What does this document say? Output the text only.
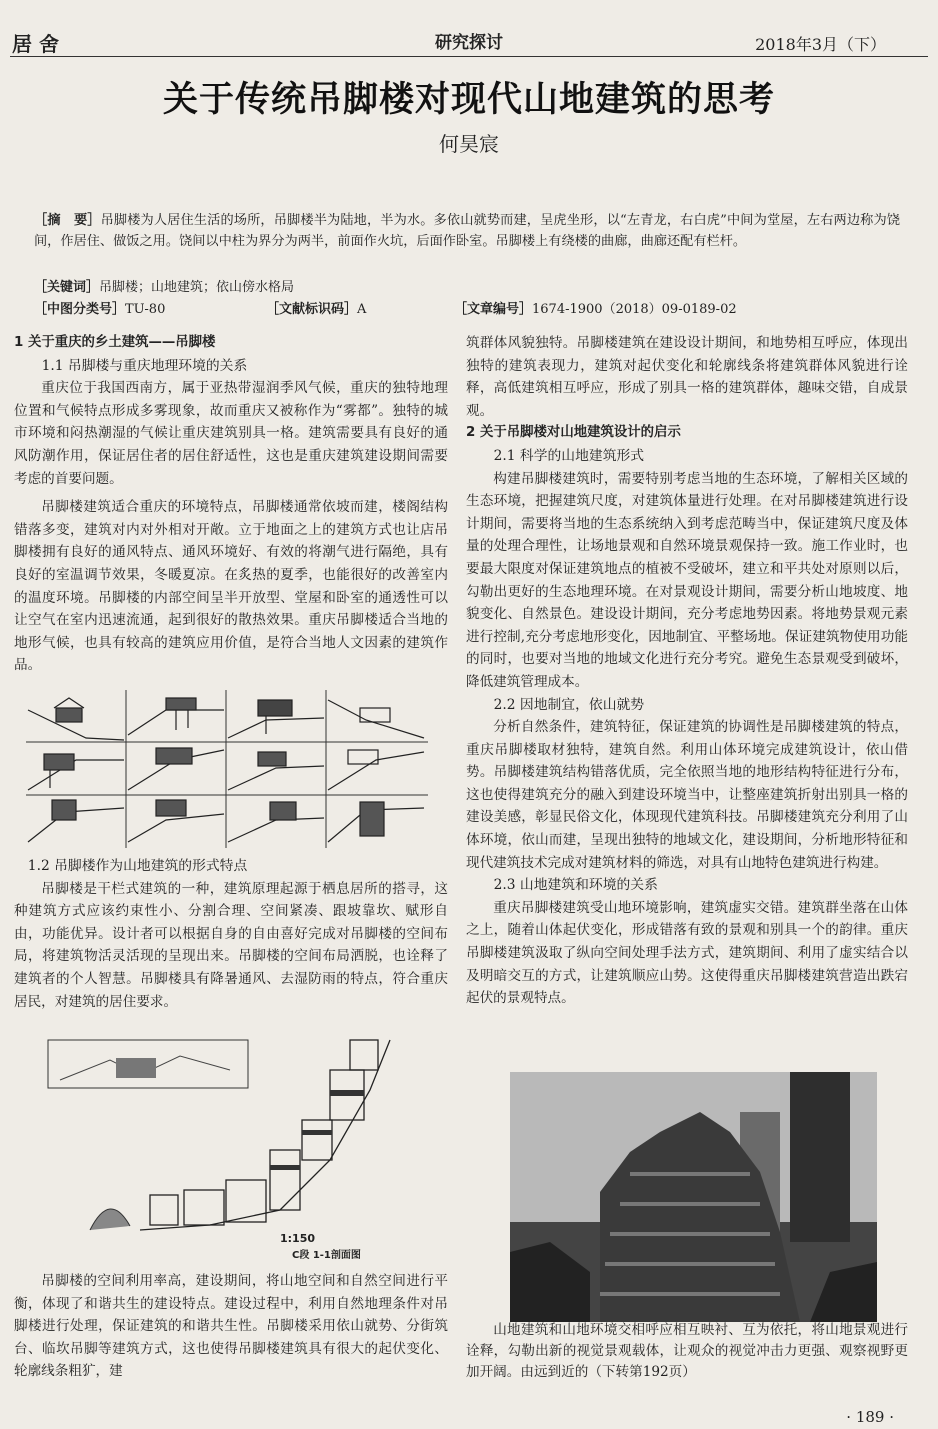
居 舍	研究探讨	2018年3月（下）
关于传统吊脚楼对现代山地建筑的思考
何昊宸
［摘　要］吊脚楼为人居住生活的场所，吊脚楼半为陆地，半为水。多依山就势而建，呈虎坐形，以“左青龙，右白虎”中间为堂屋，左右两边称为饶间，作居住、做饭之用。饶间以中柱为界分为两半，前面作火坑，后面作卧室。吊脚楼上有绕楼的曲廊，曲廊还配有栏杆。
［关键词］吊脚楼；山地建筑；依山傍水格局
［中图分类号］TU-80	［文献标识码］A	［文章编号］1674-1900（2018）09-0189-02
1 关于重庆的乡土建筑——吊脚楼
1.1 吊脚楼与重庆地理环境的关系

重庆位于我国西南方，属于亚热带湿润季风气候，重庆的独特地理位置和气候特点形成多雾现象，故而重庆又被称作为“雾都”。独特的城市环境和闷热潮湿的气候让重庆建筑别具一格。建筑需要具有良好的通风防潮作用，保证居住者的居住舒适性，这也是重庆建筑建设期间需要考虑的首要问题。

吊脚楼建筑适合重庆的环境特点，吊脚楼通常依坡而建，楼阁结构错落多变，建筑对内对外相对开敞。立于地面之上的建筑方式也让店吊脚楼拥有良好的通风特点、通风环境好、有效的将潮气进行隔绝，具有良好的室温调节效果，冬暖夏凉。在炙热的夏季，也能很好的改善室内的温度环境。吊脚楼的内部空间呈半开放型、堂屋和卧室的通透性可以让空气在室内迅速流通，起到很好的散热效果。重庆吊脚楼适合当地的地形气候，也具有较高的建筑应用价值，是符合当地人文因素的建筑作品。

1.2 吊脚楼作为山地建筑的形式特点

吊脚楼是干栏式建筑的一种，建筑原理起源于栖息居所的搭寻，这种建筑方式应该约束性小、分割合理、空间紧凑、跟坡靠坎、赋形自由，功能优异。设计者可以根据自身的自由喜好完成对吊脚楼的空间布局，将建筑物活灵活现的呈现出来。吊脚楼的空间布局洒脱，也诠释了建筑者的个人智慧。吊脚楼具有降暑通风、去湿防雨的特点，符合重庆居民，对建筑的居住要求。

1:150
C段 1-1剖面图

吊脚楼的空间利用率高，建设期间，将山地空间和自然空间进行平衡，体现了和谐共生的建设特点。建设过程中，利用自然地理条件对吊脚楼进行处理，保证建筑的和谐共生性。吊脚楼采用依山就势、分街筑台、临坎吊脚等建筑方式，这也使得吊脚楼建筑具有很大的起伏变化、轮廓线条粗犷，建

筑群体风貌独特。吊脚楼建筑在建设设计期间，和地势相互呼应，体现出独特的建筑表现力，建筑对起伏变化和轮廓线条将建筑群体风貌进行诠释，高低建筑相互呼应，形成了别具一格的建筑群体，趣味交错，自成景观。

2 关于吊脚楼对山地建筑设计的启示
2.1 科学的山地建筑形式

构建吊脚楼建筑时，需要特别考虑当地的生态环境，了解相关区域的生态环境，把握建筑尺度，对建筑体量进行处理。在对吊脚楼建筑进行设计期间，需要将当地的生态系统纳入到考虑范畴当中，保证建筑尺度及体量的处理合理性，让场地景观和自然环境景观保持一致。施工作业时，也要最大限度对保证建筑地点的植被不受破坏，建立和平共处对原则以后，勾勒出更好的生态地理环境。在对景观设计期间，需要分析山地坡度、地貌变化、自然景色。建设设计期间，充分考虑地势因素。将地势景观元素进行控制,充分考虑地形变化，因地制宜、平整场地。保证建筑物使用功能的同时，也要对当地的地域文化进行充分考究。避免生态景观受到破坏，降低建筑管理成本。

2.2 因地制宜，依山就势

分析自然条件，建筑特征，保证建筑的协调性是吊脚楼建筑的特点，重庆吊脚楼取材独特，建筑自然。利用山体环境完成建筑设计，依山借势。吊脚楼建筑结构错落优质，完全依照当地的地形结构特征进行分布，这也使得建筑充分的融入到建设环境当中，让整座建筑折射出别具一格的建设美感，彰显民俗文化，体现现代建筑科技。吊脚楼建筑充分利用了山体环境，依山而建，呈现出独特的地域文化，建设期间，分析地形特征和现代建筑技术完成对建筑材料的筛选，对具有山地特色建筑进行构建。

2.3 山地建筑和环境的关系

重庆吊脚楼建筑受山地环境影响，建筑虚实交错。建筑群坐落在山体之上，随着山体起伏变化，形成错落有致的景观和别具一个的韵律。重庆吊脚楼建筑汲取了纵向空间处理手法方式，建筑期间、利用了虚实结合以及明暗交互的方式，让建筑顺应山势。这使得重庆吊脚楼建筑营造出跌宕起伏的景观特点。

山地建筑和山地环境交相呼应相互映衬、互为依托，将山地景观进行诠释，勾勒出新的视觉景观载体，让观众的视觉冲击力更强、观察视野更加开阔。由远到近的（下转第192页）
· 189 ·
